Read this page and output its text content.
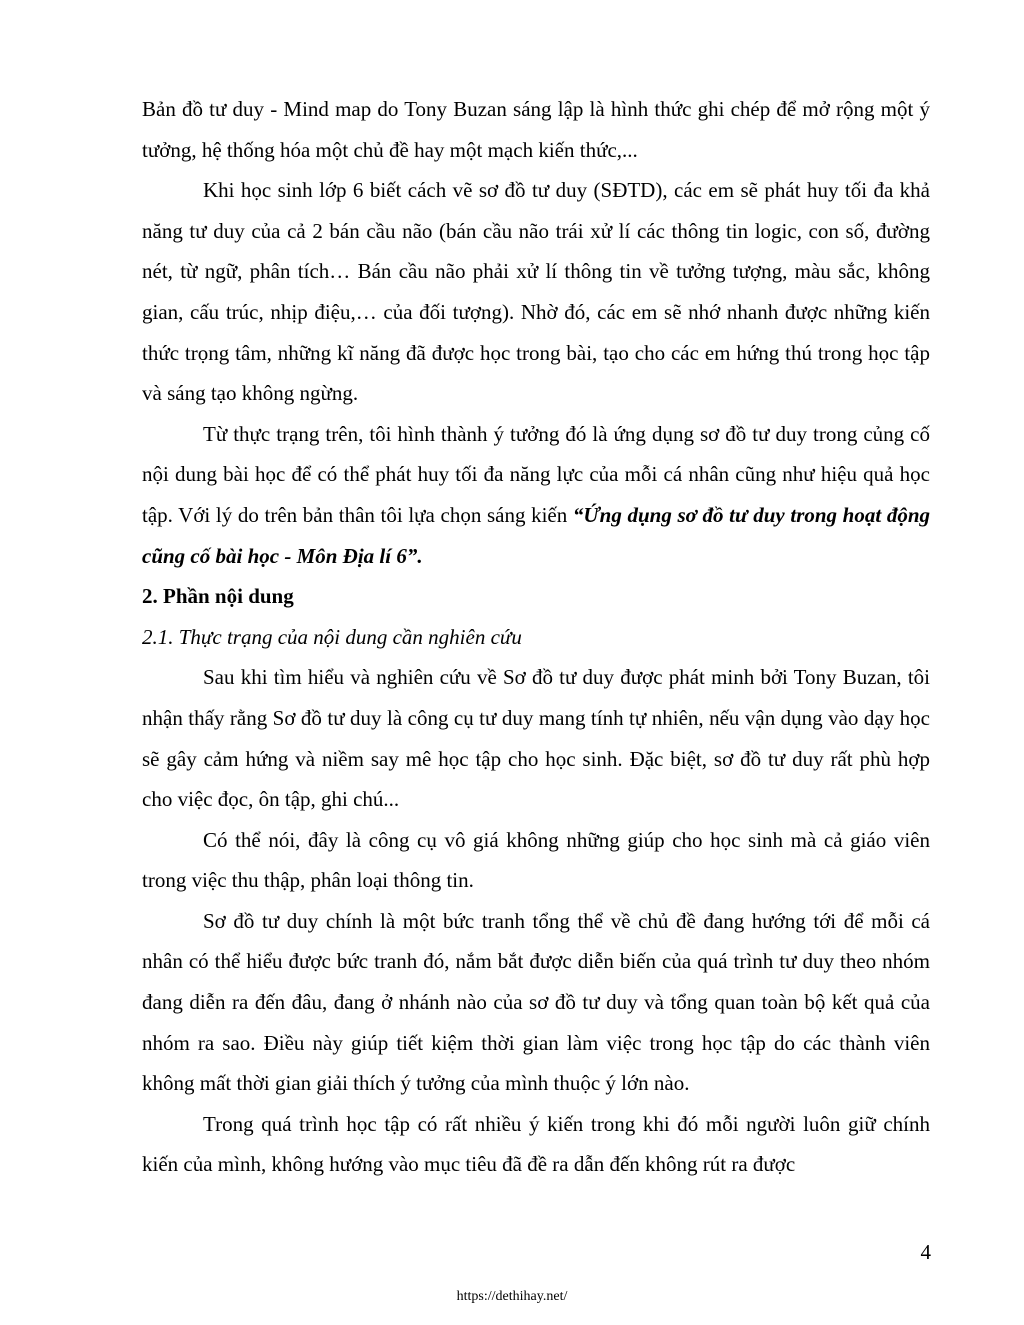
Bản đồ tư duy - Mind map do Tony Buzan sáng lập là hình thức ghi chép để mở rộng một ý tưởng, hệ thống hóa một chủ đề hay một mạch kiến thức,...

Khi học sinh lớp 6 biết cách vẽ sơ đồ tư duy (SĐTD), các em sẽ phát huy tối đa khả năng tư duy của cả 2 bán cầu não (bán cầu não trái xử lí các thông tin logic, con số, đường nét, từ ngữ, phân tích… Bán cầu não phải xử lí thông tin về tưởng tượng, màu sắc, không gian, cấu trúc, nhịp điệu,… của đối tượng). Nhờ đó, các em sẽ nhớ nhanh được những kiến thức trọng tâm, những kĩ năng đã được học trong bài, tạo cho các em hứng thú trong học tập và sáng tạo không ngừng.

Từ thực trạng trên, tôi hình thành ý tưởng đó là ứng dụng sơ đồ tư duy trong củng cố nội dung bài học để có thể phát huy tối đa năng lực của mỗi cá nhân cũng như hiệu quả học tập. Với lý do trên bản thân tôi lựa chọn sáng kiến “Ứng dụng sơ đồ tư duy trong hoạt động cũng cố bài học - Môn Địa lí 6”.

2. Phần nội dung

2.1. Thực trạng của nội dung cần nghiên cứu

Sau khi tìm hiểu và nghiên cứu về Sơ đồ tư duy được phát minh bởi Tony Buzan, tôi nhận thấy rằng Sơ đồ tư duy là công cụ tư duy mang tính tự nhiên, nếu vận dụng vào dạy học sẽ gây cảm hứng và niềm say mê học tập cho học sinh. Đặc biệt, sơ đồ tư duy rất phù hợp cho việc đọc, ôn tập, ghi chú...

Có thể nói, đây là công cụ vô giá không những giúp cho học sinh mà cả giáo viên trong việc thu thập, phân loại thông tin.

Sơ đồ tư duy chính là một bức tranh tổng thể về chủ đề đang hướng tới để mỗi cá nhân có thể hiểu được bức tranh đó, nắm bắt được diễn biến của quá trình tư duy theo nhóm đang diễn ra đến đâu, đang ở nhánh nào của sơ đồ tư duy và tổng quan toàn bộ kết quả của nhóm ra sao. Điều này giúp tiết kiệm thời gian làm việc trong học tập do các thành viên không mất thời gian giải thích ý tưởng của mình thuộc ý lớn nào.

Trong quá trình học tập có rất nhiều ý kiến trong khi đó mỗi người luôn giữ chính kiến của mình, không hướng vào mục tiêu đã đề ra dẫn đến không rút ra được

4
https://dethihay.net/
